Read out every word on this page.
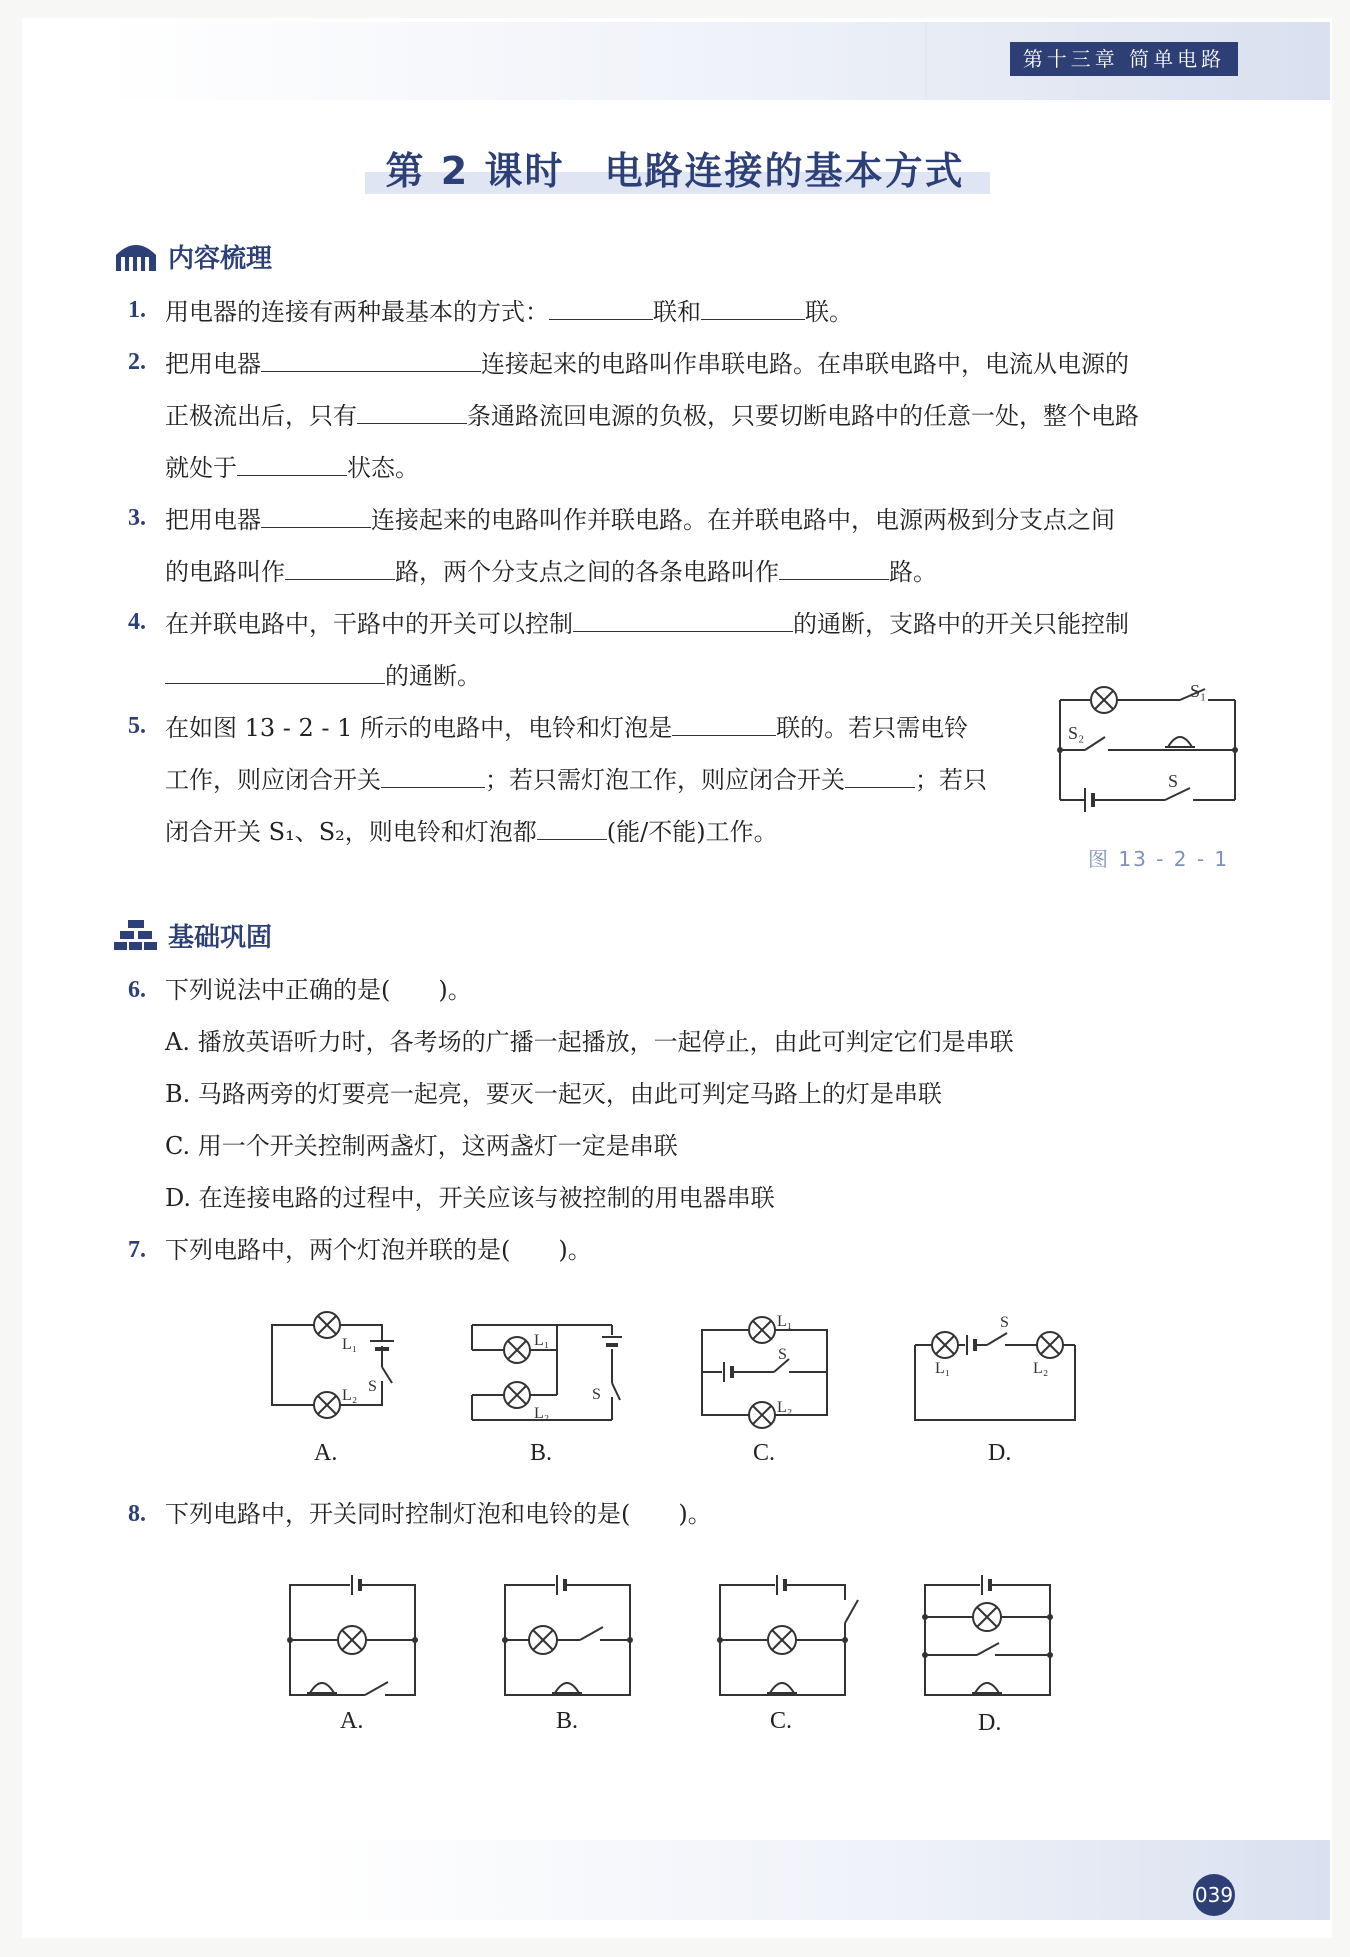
第十三章 简单电路
第 2 课时　电路连接的基本方式
内容梳理
1. 用电器的连接有两种最基本的方式：	联和	联。
2. 把用电器	连接起来的电路叫作串联电路。在串联电路中，电流从电源的
正极流出后，只有	条通路流回电源的负极，只要切断电路中的任意一处，整个电路
就处于	状态。
3. 把用电器	连接起来的电路叫作并联电路。在并联电路中，电源两极到分支点之间
的电路叫作	路，两个分支点之间的各条电路叫作	路。
4. 在并联电路中，干路中的开关可以控制	的通断，支路中的开关只能控制
的通断。
5. 在如图 13 - 2 - 1 所示的电路中，电铃和灯泡是	联的。若只需电铃
工作，则应闭合开关	；若只需灯泡工作，则应闭合开关	；若只
闭合开关 S₁、S₂，则电铃和灯泡都	(能/不能)工作。
S₁
S₂
S
图 13 - 2 - 1
基础巩固
6. 下列说法中正确的是(　　)。
A. 播放英语听力时，各考场的广播一起播放，一起停止，由此可判定它们是串联
B. 马路两旁的灯要亮一起亮，要灭一起灭，由此可判定马路上的灯是串联
C. 用一个开关控制两盏灯，这两盏灯一定是串联
D. 在连接电路的过程中，开关应该与被控制的用电器串联
7. 下列电路中，两个灯泡并联的是(　　)。
L₁
L₂
S
A.
L₁
L₂
S
B.
L₁
L₂
S
C.
L₁	L₂
S
D.
8. 下列电路中，开关同时控制灯泡和电铃的是(　　)。
A.	B.	C.	D.
039
